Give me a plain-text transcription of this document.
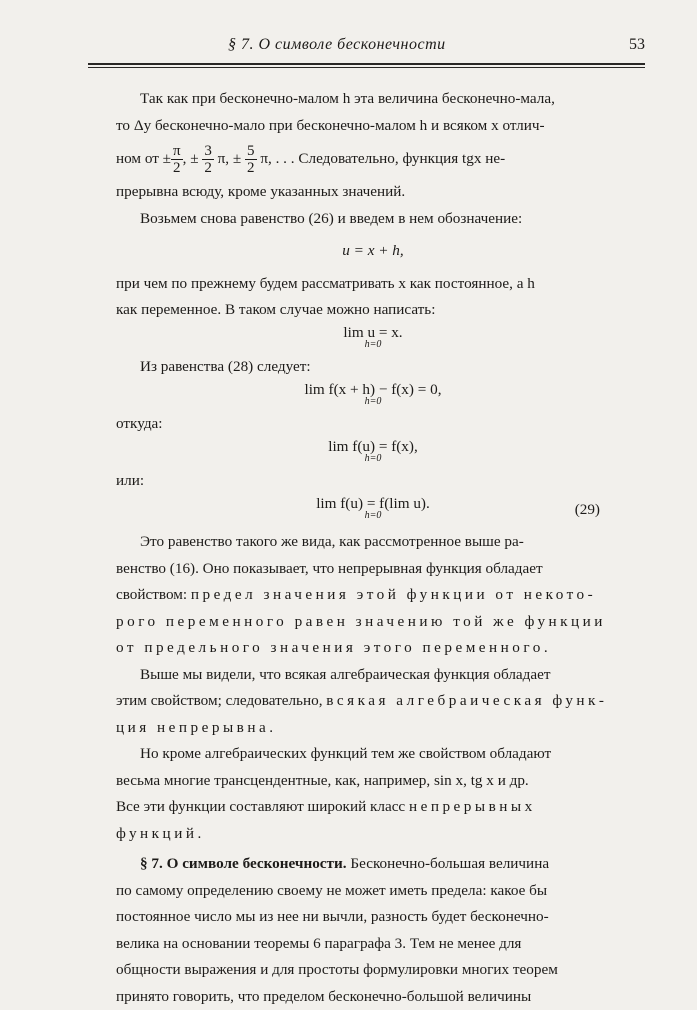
§ 7. О символе бесконечности	53

Так как при бесконечно-малом h эта величина бесконечно-мала,

то Δy бесконечно-мало при бесконечно-малом h и всяком x отлич-

ном от ± $\frac{\pi}{2}$ , ± $\frac{3}{2} \pi$, ± $\frac{5}{2} \pi$, . . . Следовательно, функция tgx не-

прерывна всюду, кроме указанных значений.

Возьмем снова равенство (26) и введем в нем обозначение:

u = x + h,

при чем по прежнему будем рассматривать x как постоянное, а h

как переменное. В таком случае можно написать:

lim u = x.
h=0

Из равенства (28) следует:

lim f(x + h) − f(x) = 0,
h=0

откуда:

lim f(u) = f(x),
h=0

или:

lim f(u) = f(lim u).
h=0	(29)

Это равенство такого же вида, как рассмотренное выше ра-

венство (16). Оно показывает, что непрерывная функция обладает

свойством: предел значения этой функции от некото-

рого переменного равен значению той же функции

от предельного значения этого переменного.

Выше мы видели, что всякая алгебраическая функция обладает

этим свойством; следовательно, всякая алгебраическая функ-

ция непрерывна.

Но кроме алгебраических функций тем же свойством обладают

весьма многие трансцендентные, как, например, sin x, tg x и др.

Все эти функции составляют широкий класс непрерывных

функций.

§ 7. О символе бесконечности. Бесконечно-большая величина

по самому определению своему не может иметь предела: какое бы

постоянное число мы из нее ни вычли, разность будет бесконечно-

велика на основании теоремы 6 параграфа 3. Тем не менее для

общности выражения и для простоты формулировки многих теорем

принято говорить, что пределом бесконечно-большой величины
